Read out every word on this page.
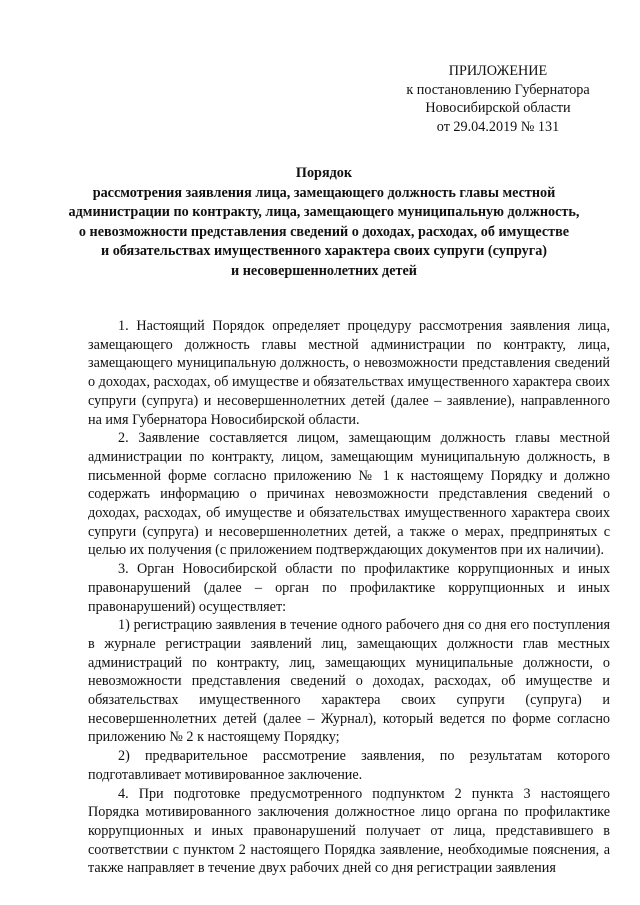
ПРИЛОЖЕНИЕ
к постановлению Губернатора
Новосибирской области
от 29.04.2019 № 131
Порядок
рассмотрения заявления лица, замещающего должность главы местной
администрации по контракту, лица, замещающего муниципальную должность,
о невозможности представления сведений о доходах, расходах, об имуществе
и обязательствах имущественного характера своих супруги (супруга)
и несовершеннолетних детей

1. Настоящий Порядок определяет процедуру рассмотрения заявления лица, замещающего должность главы местной администрации по контракту, лица, замещающего муниципальную должность, о невозможности представления сведений о доходах, расходах, об имуществе и обязательствах имущественного характера своих супруги (супруга) и несовершеннолетних детей (далее – заявление), направленного на имя Губернатора Новосибирской области.

2. Заявление составляется лицом, замещающим должность главы местной администрации по контракту, лицом, замещающим муниципальную должность, в письменной форме согласно приложению № 1 к настоящему Порядку и должно содержать информацию о причинах невозможности представления сведений о доходах, расходах, об имуществе и обязательствах имущественного характера своих супруги (супруга) и несовершеннолетних детей, а также о мерах, предпринятых с целью их получения (с приложением подтверждающих документов при их наличии).

3. Орган Новосибирской области по профилактике коррупционных и иных правонарушений (далее – орган по профилактике коррупционных и иных правонарушений) осуществляет:

1) регистрацию заявления в течение одного рабочего дня со дня его поступления в журнале регистрации заявлений лиц, замещающих должности глав местных администраций по контракту, лиц, замещающих муниципальные должности, о невозможности представления сведений о доходах, расходах, об имуществе и обязательствах имущественного характера своих супруги (супруга) и несовершеннолетних детей (далее – Журнал), который ведется по форме согласно приложению № 2 к настоящему Порядку;

2) предварительное рассмотрение заявления, по результатам которого подготавливает мотивированное заключение.

4. При подготовке предусмотренного подпунктом 2 пункта 3 настоящего Порядка мотивированного заключения должностное лицо органа по профилактике коррупционных и иных правонарушений получает от лица, представившего в соответствии с пунктом 2 настоящего Порядка заявление, необходимые пояснения, а также направляет в течение двух рабочих дней со дня регистрации заявления
